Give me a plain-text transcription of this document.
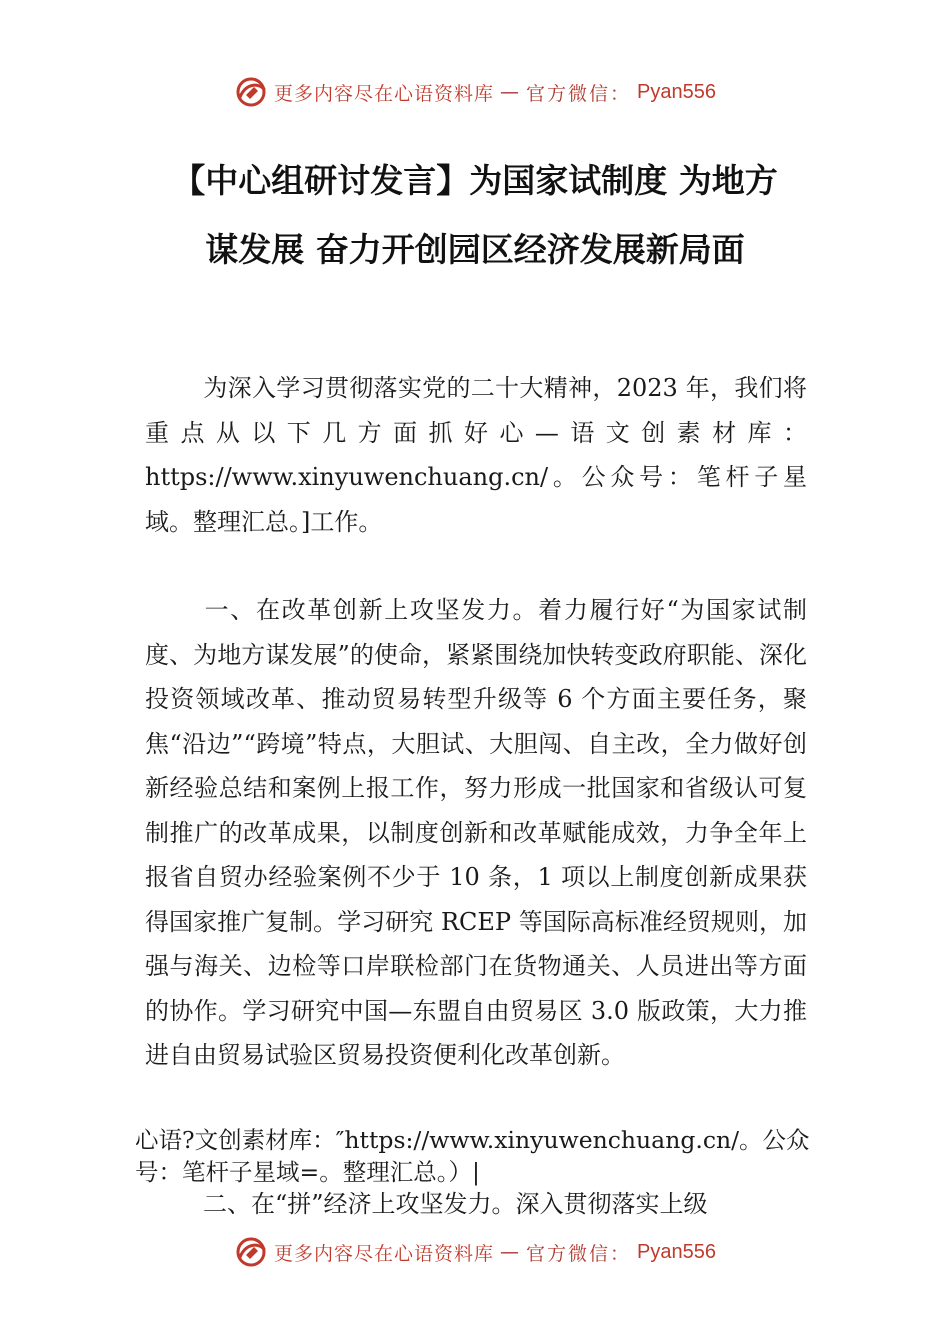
更多内容尽在心语资料库 — 官方微信： Pyan556
【中心组研讨发言】为国家试制度 为地方
谋发展 奋力开创园区经济发展新局面
为深入学习贯彻落实党的二十大精神，2023 年，我们将重点从以下几方面抓好心—语文创素材库：https://www.xinyuwenchuang.cn/。公众号：笔杆子星域。整理汇总。]工作。
一、在改革创新上攻坚发力。着力履行好“为国家试制度、为地方谋发展”的使命，紧紧围绕加快转变政府职能、深化投资领域改革、推动贸易转型升级等 6 个方面主要任务，聚焦“沿边”“跨境”特点，大胆试、大胆闯、自主改，全力做好创新经验总结和案例上报工作，努力形成一批国家和省级认可复制推广的改革成果，以制度创新和改革赋能成效，力争全年上报省自贸办经验案例不少于 10 条，1 项以上制度创新成果获得国家推广复制。学习研究 RCEP 等国际高标准经贸规则，加强与海关、边检等口岸联检部门在货物通关、人员进出等方面的协作。学习研究中国—东盟自由贸易区 3.0 版政策，大力推进自由贸易试验区贸易投资便利化改革创新。
心语?文创素材库：″https://www.xinyuwenchuang.cn/。公众号：笔杆子星域=。整理汇总。）|
二、在“拼”经济上攻坚发力。深入贯彻落实上级
更多内容尽在心语资料库 — 官方微信： Pyan556
